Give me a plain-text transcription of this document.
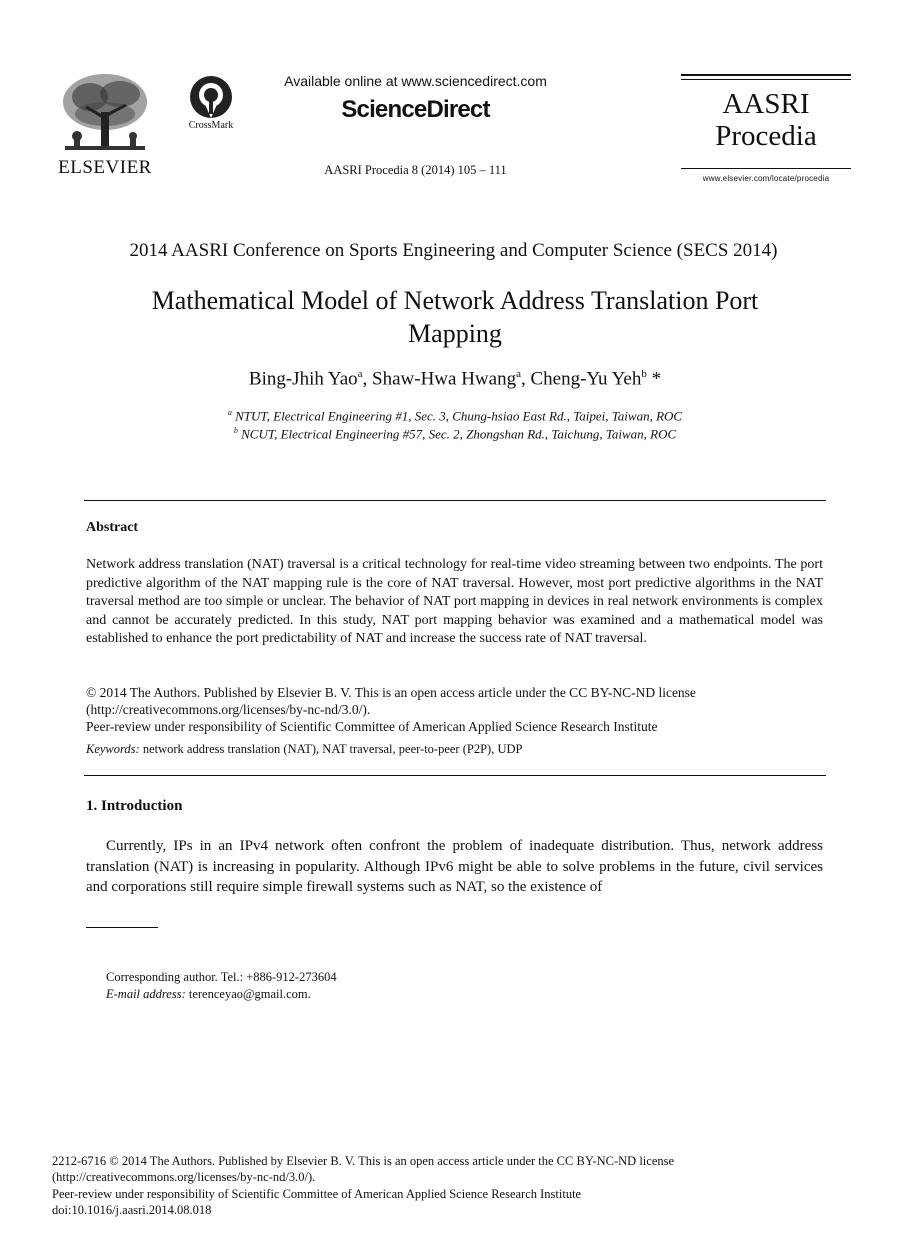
ELSEVIER
CrossMark
Available online at www.sciencedirect.com
ScienceDirect
AASRI Procedia 8 (2014) 105 – 111
AASRI
Procedia
www.elsevier.com/locate/procedia
2014 AASRI Conference on Sports Engineering and Computer Science (SECS 2014)
Mathematical Model of Network Address Translation Port
Mapping
Bing-Jhih Yao$^a$, Shaw-Hwa Hwang$^a$, Cheng-Yu Yeh$^b$ *
$^a$ NTUT, Electrical Engineering #1, Sec. 3, Chung-hsiao East Rd., Taipei, Taiwan, ROC
$^b$ NCUT, Electrical Engineering #57, Sec. 2, Zhongshan Rd., Taichung, Taiwan, ROC
Abstract
Network address translation (NAT) traversal is a critical technology for real-time video streaming between two endpoints. The port predictive algorithm of the NAT mapping rule is the core of NAT traversal. However, most port predictive algorithms in the NAT traversal method are too simple or unclear. The behavior of NAT port mapping in devices in real network environments is complex and cannot be accurately predicted. In this study, NAT port mapping behavior was examined and a mathematical model was established to enhance the port predictability of NAT and increase the success rate of NAT traversal.
© 2014 The Authors. Published by Elsevier B. V. This is an open access article under the CC BY-NC-ND license
(http://creativecommons.org/licenses/by-nc-nd/3.0/).
Peer-review under responsibility of Scientific Committee of American Applied Science Research Institute
Keywords: network address translation (NAT), NAT traversal, peer-to-peer (P2P), UDP
1. Introduction
Currently, IPs in an IPv4 network often confront the problem of inadequate distribution. Thus, network address translation (NAT) is increasing in popularity. Although IPv6 might be able to solve problems in the future, civil services and corporations still require simple firewall systems such as NAT, so the existence of
Corresponding author. Tel.: +886-912-273604
E-mail address: terenceyao@gmail.com.
2212-6716 © 2014 The Authors. Published by Elsevier B. V. This is an open access article under the CC BY-NC-ND license
(http://creativecommons.org/licenses/by-nc-nd/3.0/).
Peer-review under responsibility of Scientific Committee of American Applied Science Research Institute
doi:10.1016/j.aasri.2014.08.018
